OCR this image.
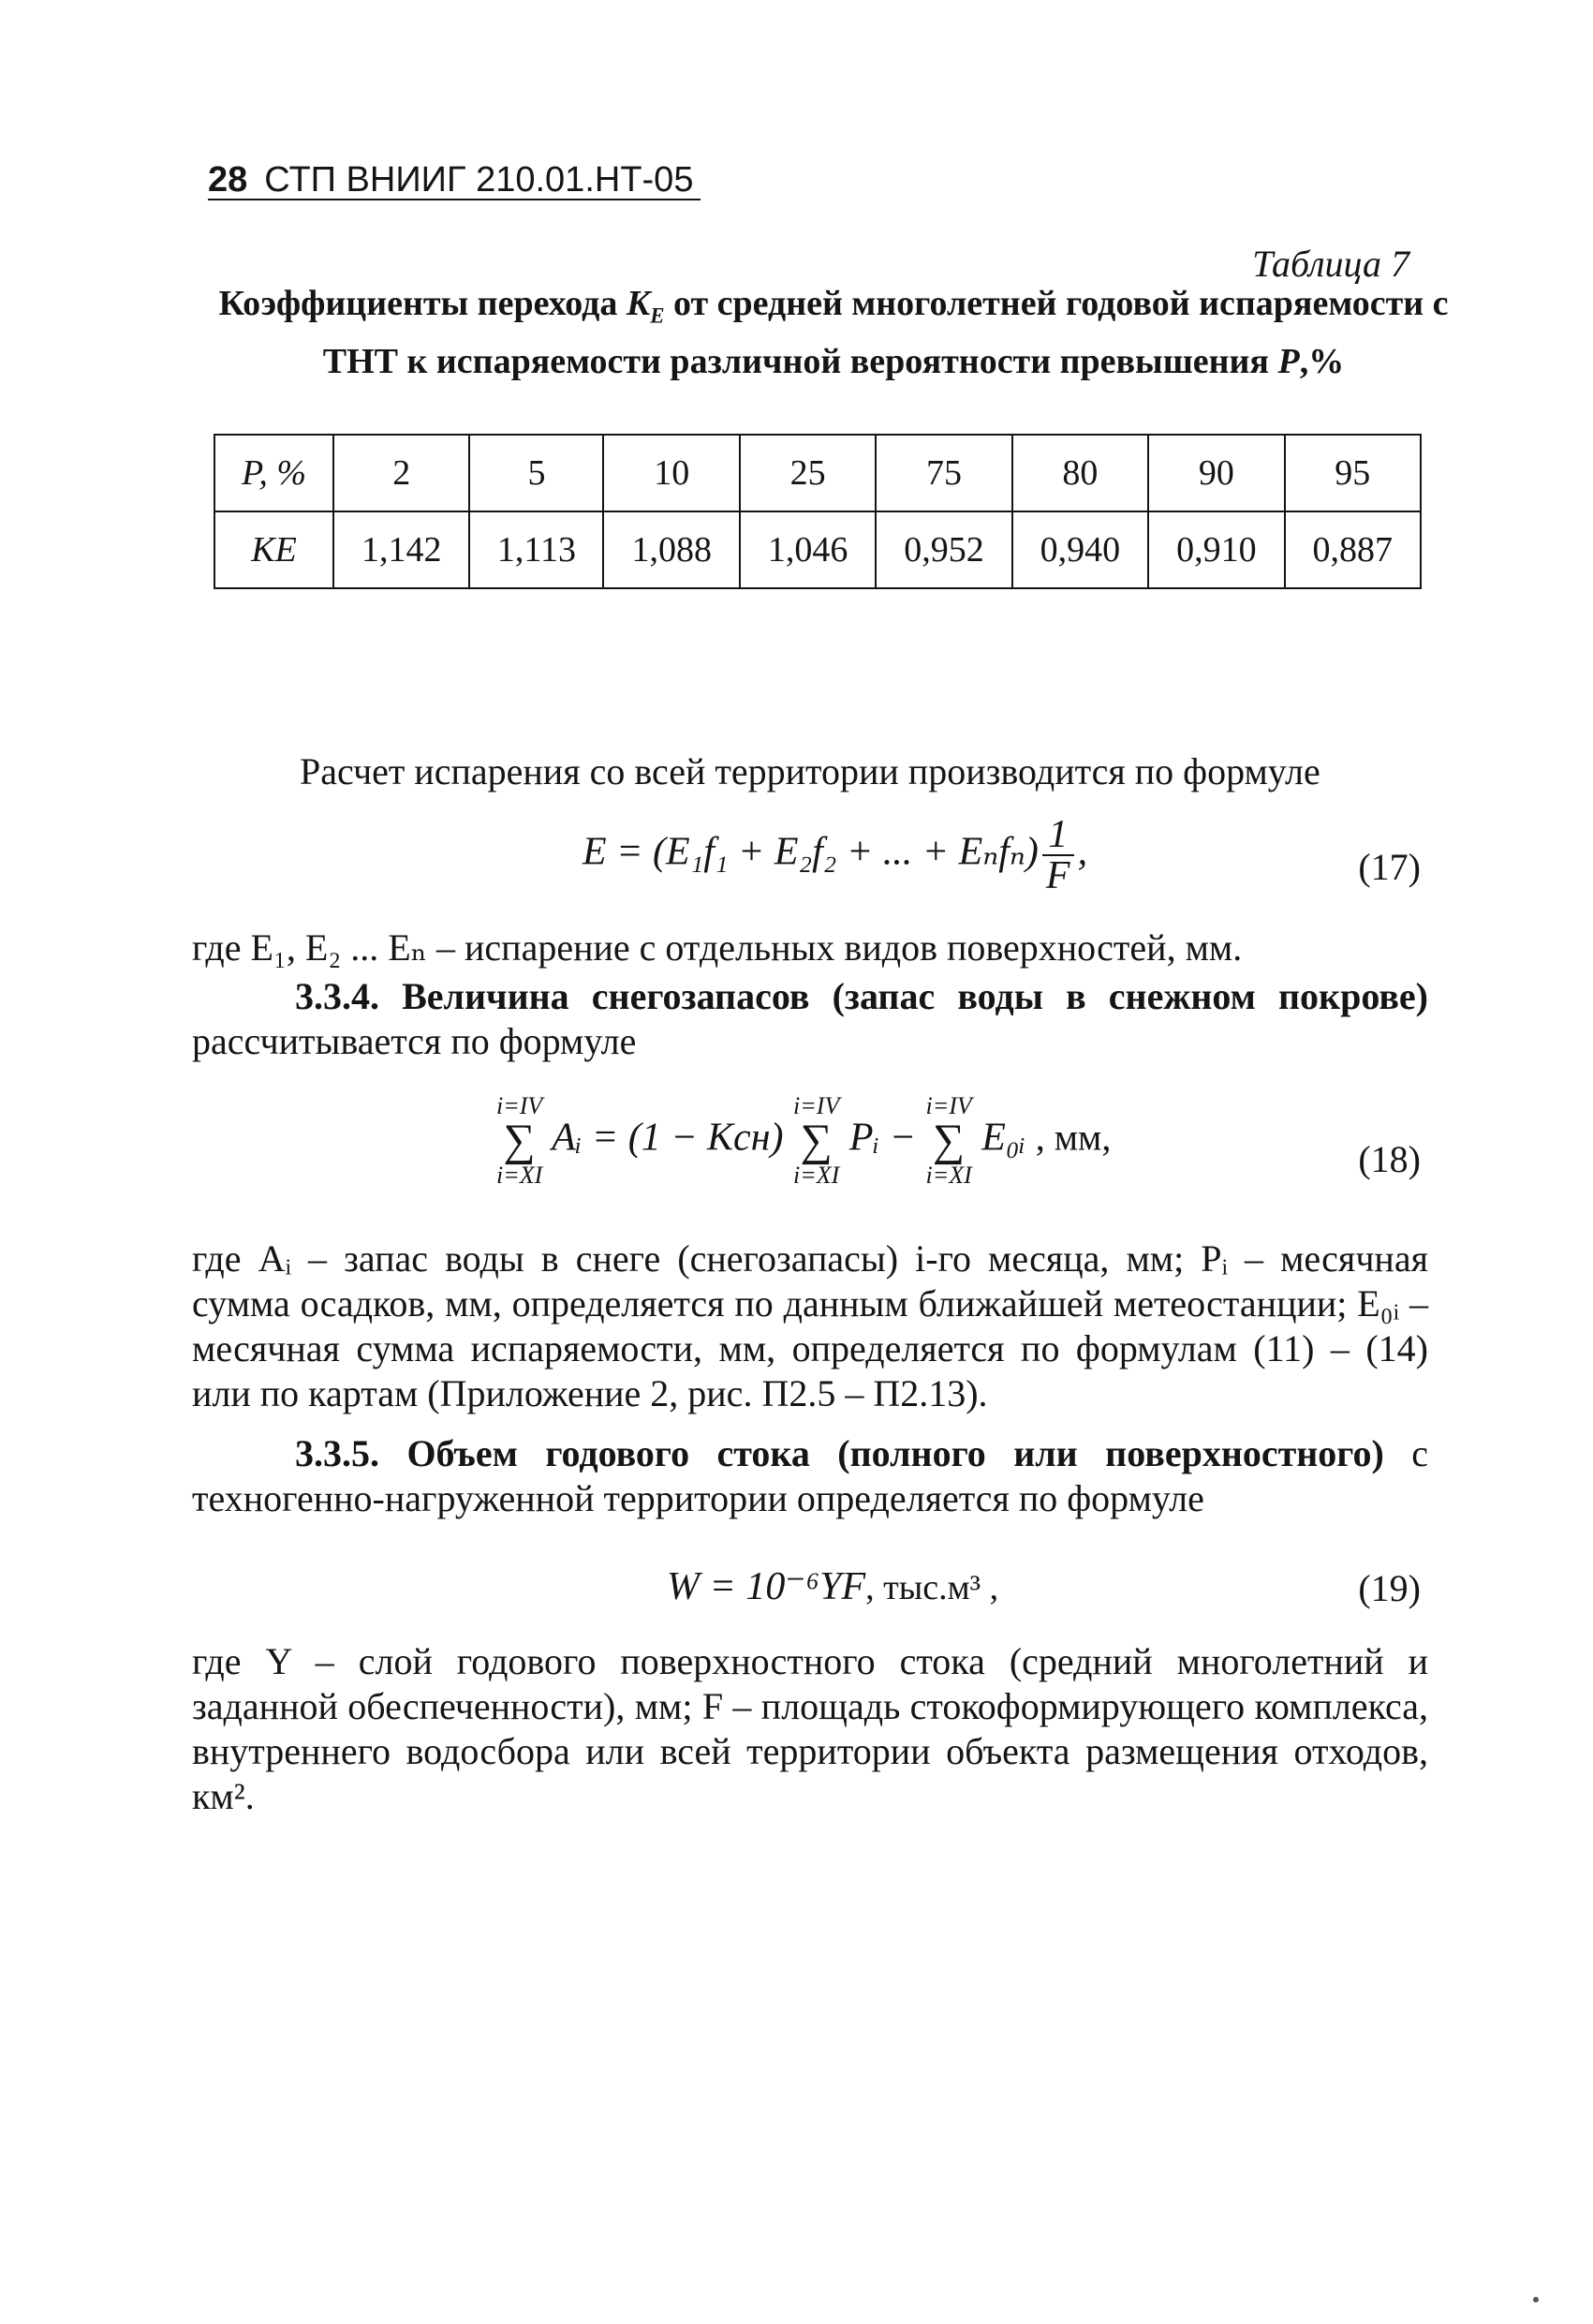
28 СТП ВНИИГ 210.01.НТ-05
Таблица 7
Коэффициенты перехода $K_E$ от средней многолетней годовой испаряемости с ТНТ к испаряемости различной вероятности превышения P,%
P, %	2	5	10	25	75	80	90	95
KE	1,142	1,113	1,088	1,046	0,952	0,940	0,910	0,887
Расчет испарения со всей территории производится по формуле
E = (E₁f₁ + E₂f₂ + ... + $E_nf_n) \frac{1}{F}$ ,	(17)
где E₁, E₂ ... Eₙ – испарение с отдельных видов поверхностей, мм.
3.3.4. Величина снегозапасов (запас воды в снежном покрове) рассчитывается по формуле
i=IV
∑
i=XI
Aᵢ = (1 − Kсн)
i=IV
∑
i=XI
Pᵢ −
i=IV
∑
i=XI
E₀ᵢ , мм,
(18)
где Aᵢ – запас воды в снеге (снегозапасы) i-го месяца, мм; Pᵢ – месячная сумма осадков, мм, определяется по данным ближайшей метеостанции; E₀ᵢ – месячная сумма испаряемости, мм, определяется по формулам (11) – (14) или по картам (Приложение 2, рис. П2.5 – П2.13).
3.3.5. Объем годового стока (полного или поверхностного) с техногенно-нагруженной территории определяется по формуле
W = 10⁻⁶YF, тыс.м³ ,	(19)
где Y – слой годового поверхностного стока (средний многолетний и заданной обеспеченности), мм; F – площадь стокоформирующего комплекса, внутреннего водосбора или всей территории объекта размещения отходов, км².
